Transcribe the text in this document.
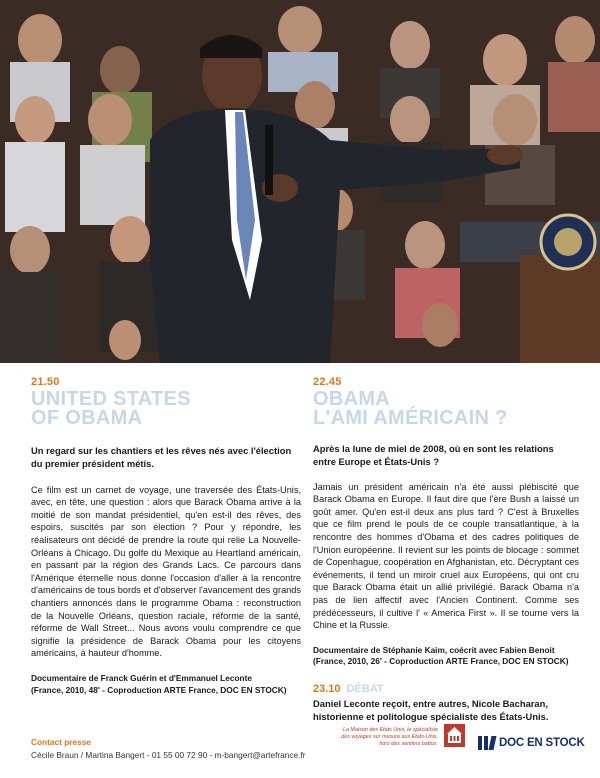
21.50
UNITED STATES
OF OBAMA

Un regard sur les chantiers et les rêves nés avec l'élection du premier président métis.

Ce film est un carnet de voyage, une traversée des États-Unis, avec, en tête, une question : alors que Barack Obama arrive à la moitié de son mandat présidentiel, qu'en est-il des rêves, des espoirs, suscités par son élection ? Pour y répondre, les réalisateurs ont décidé de prendre la route qui relie La Nouvelle-Orléans à Chicago. Du golfe du Mexique au Heartland américain, en passant par la région des Grands Lacs. Ce parcours dans l'Amérique éternelle nous donne l'occasion d'aller à la rencontre d'américains de tous bords et d'observer l'avancement des grands chantiers annoncés dans le programme Obama : reconstruction de la Nouvelle Orléans, question raciale, réforme de la santé, réforme de Wall Street... Nous avons voulu comprendre ce que signifie la présidence de Barack Obama pour les citoyens américains, à hauteur d'homme.

Documentaire de Franck Guérin et d'Emmanuel Leconte
(France, 2010, 48' - Coproduction ARTE France, DOC EN STOCK)
22.45
OBAMA
L'AMI AMÉRICAIN ?

Après la lune de miel de 2008, où en sont les relations entre Europe et États-Unis ?

Jamais un président américain n'a été aussi plébiscité que Barack Obama en Europe. Il faut dire que l'ère Bush a laissé un goût amer. Qu'en est-il deux ans plus tard ? C'est à Bruxelles que ce film prend le pouls de ce couple transatlantique, à la rencontre des hommes d'Obama et des cadres politiques de l'Union européenne. Il revient sur les points de blocage : sommet de Copenhague, coopération en Afghanistan, etc. Décryptant ces événements, il tend un miroir cruel aux Européens, qui ont cru que Barack Obama était un allié privilégié. Barack Obama n'a pas de lien affectif avec l'Ancien Continent. Comme ses prédécesseurs, il cultive l' « America First ». Il se tourne vers la Chine et la Russie.

Documentaire de Stéphanie Kaim, coécrit avec Fabien Benoit
(France, 2010, 26' - Coproduction ARTE France, DOC EN STOCK)
23.10 DÉBAT

Daniel Leconte reçoit, entre autres, Nicole Bacharan, historienne et politologue spécialiste des États-Unis.

Contact presse
Cécile Braun / Martina Bangert - 01 55 00 72 90 - m-bangert@artefrance.fr
La Maison des États Unis, le spécialiste
des voyages sur mesure aux États-Unis,
hors des sentiers battus.	DOC EN STOCK
